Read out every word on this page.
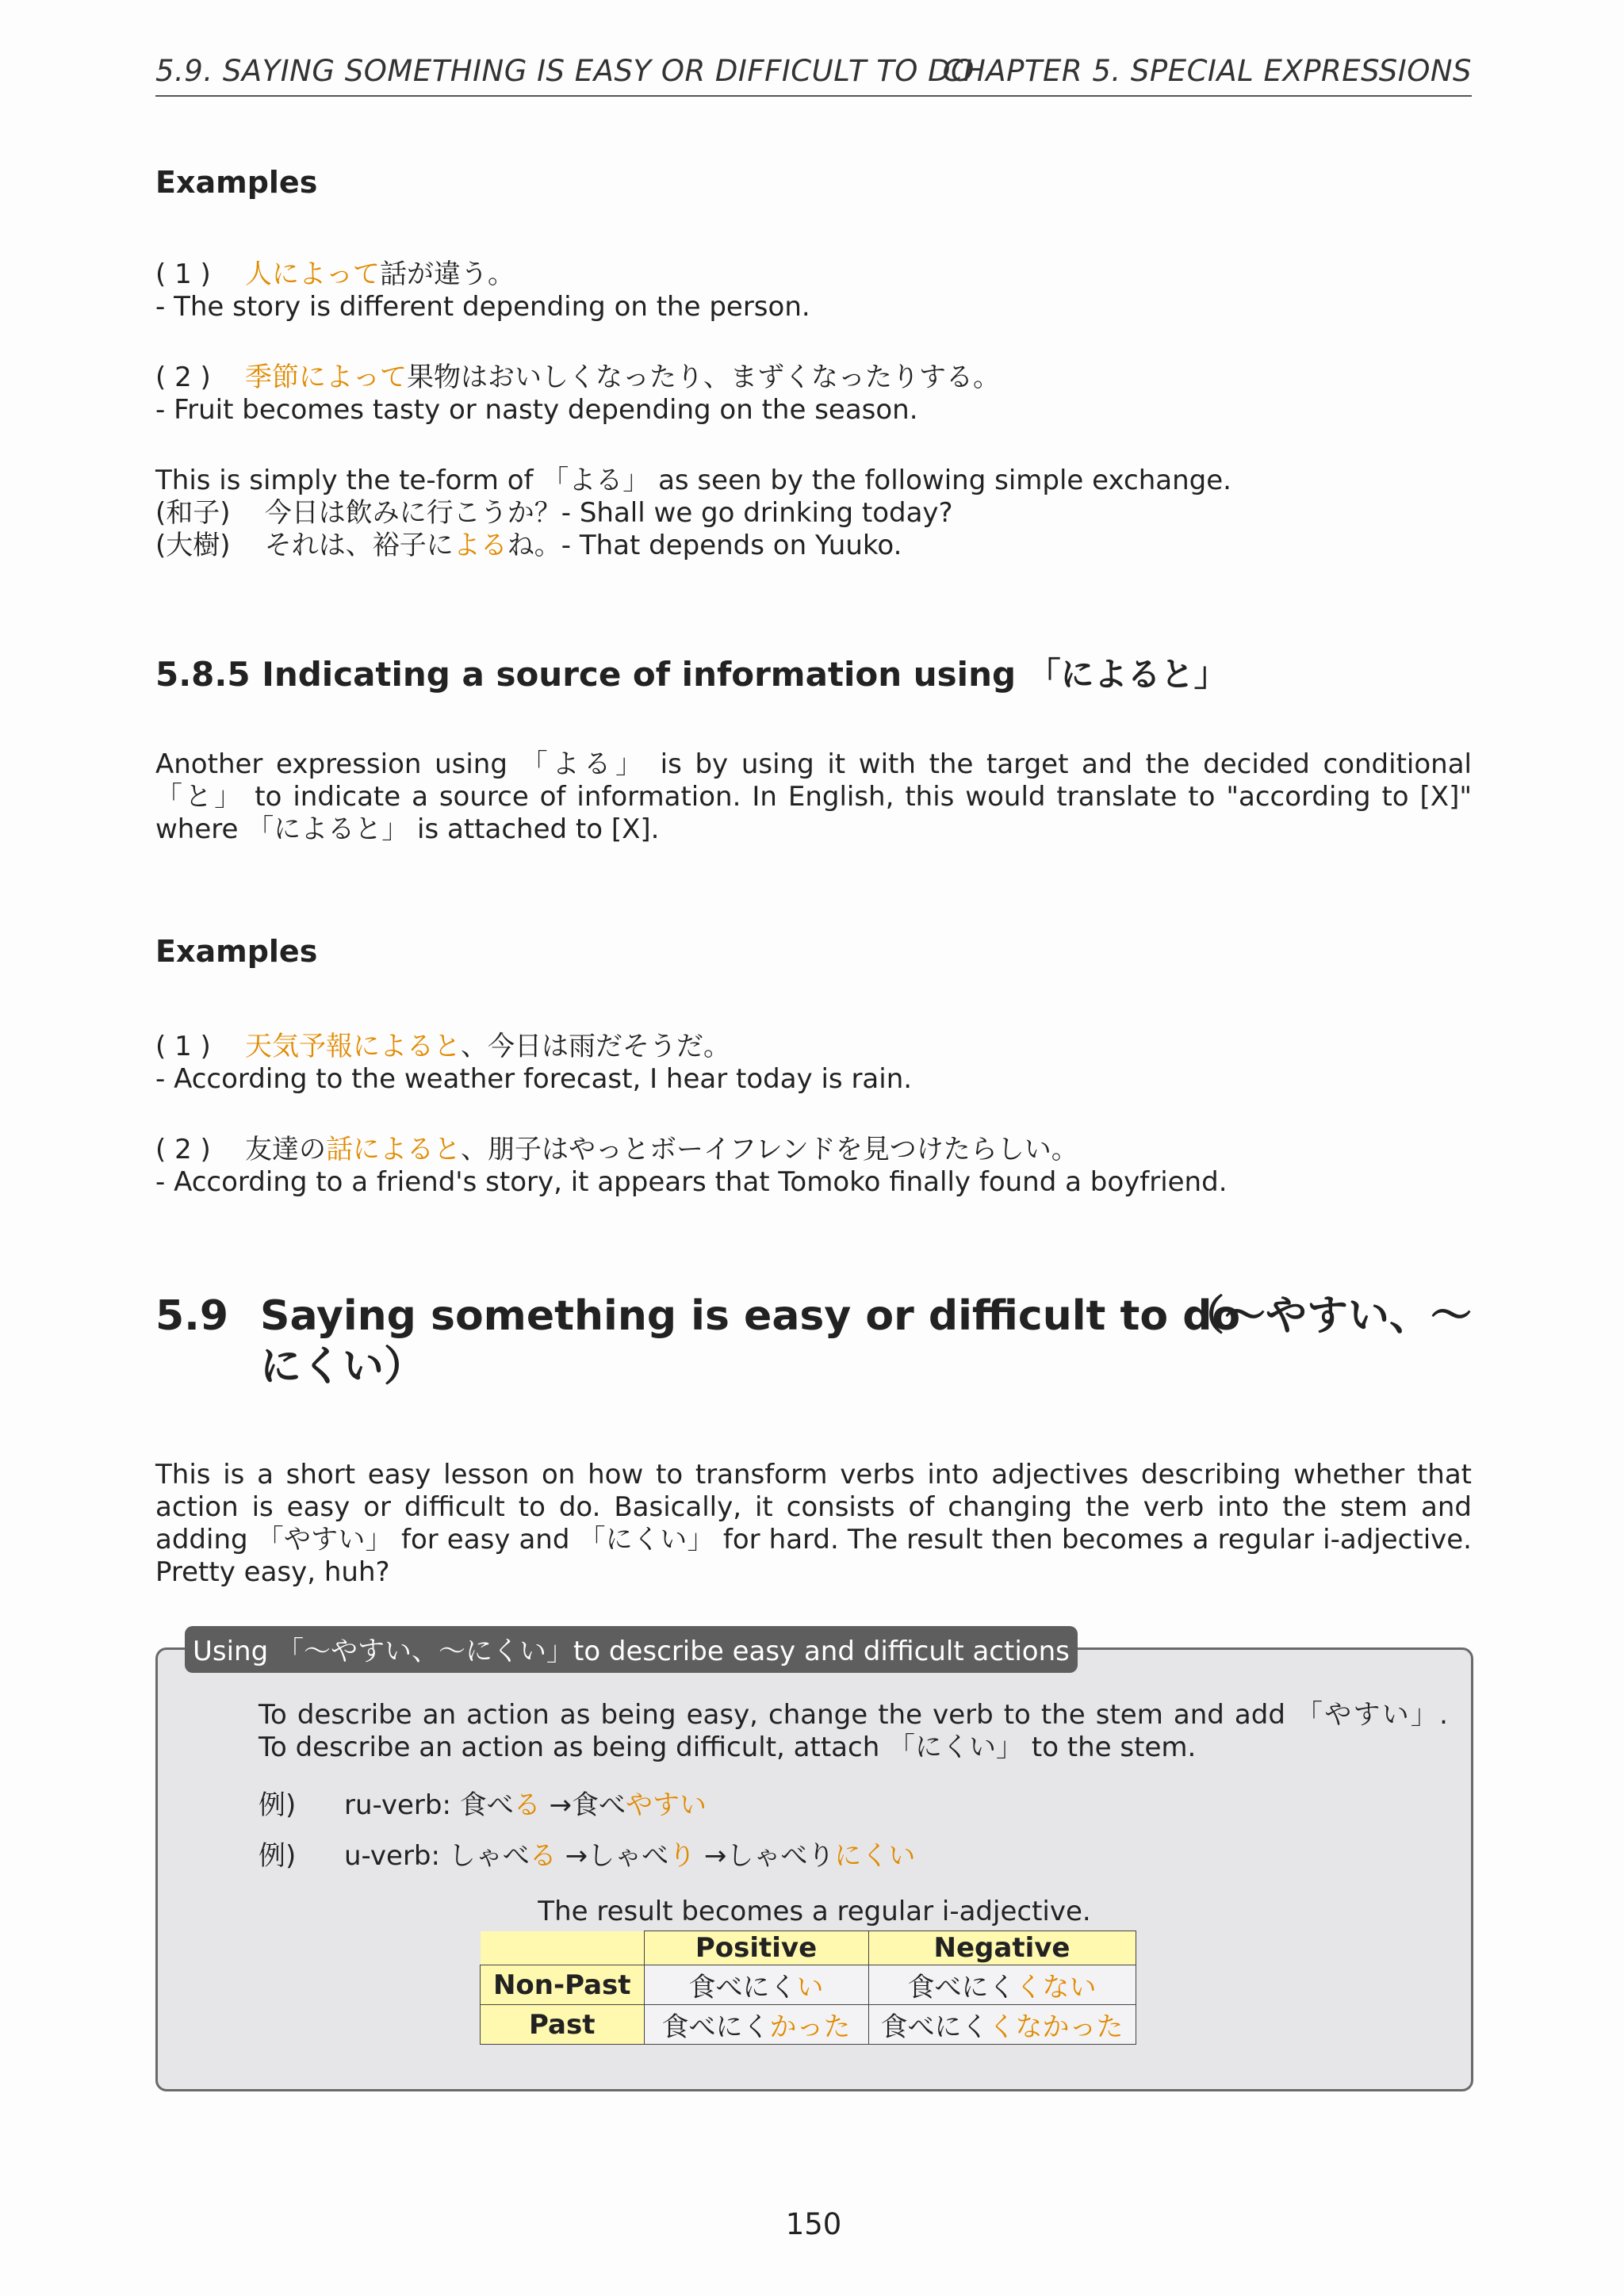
5.9. SAYING SOMETHING IS EASY OR DIFFICULT TO DO
CHAPTER 5. SPECIAL EXPRESSIONS
Examples
( 1 ) 人によって話が違う。
- The story is different depending on the person.
( 2 ) 季節によって果物はおいしくなったり、まずくなったりする。
- Fruit becomes tasty or nasty depending on the season.
This is simply the te-form of 「よる」 as seen by the following simple exchange.
(和子) 今日は飲みに行こうか？- Shall we go drinking today?
(大樹) それは、裕子によるね。- That depends on Yuuko.
5.8.5 Indicating a source of information using 「によると」
Another expression using 「よる」 is by using it with the target and the decided conditional 「と」 to indicate a source of information. In English, this would translate to "according to [X]" where 「によると」 is attached to [X].
Examples
( 1 ) 天気予報によると、今日は雨だそうだ。
- According to the weather forecast, I hear today is rain.
( 2 ) 友達の話によると、朋子はやっとボーイフレンドを見つけたらしい。
- According to a friend's story, it appears that Tomoko finally found a boyfriend.
5.9 Saying something is easy or difficult to do
（～やすい、～
にくい）
This is a short easy lesson on how to transform verbs into adjectives describing whether that action is easy or difficult to do. Basically, it consists of changing the verb into the stem and adding 「やすい」 for easy and 「にくい」 for hard. The result then becomes a regular i-adjective. Pretty easy, huh?
Using 「～やすい、～にくい」to describe easy and difficult actions
To describe an action as being easy, change the verb to the stem and add 「やすい」. To describe an action as being difficult, attach 「にくい」 to the stem.
例) ru-verb: 食べる →食べやすい
例) u-verb: しゃべる →しゃべり →しゃべりにくい
The result becomes a regular i-adjective.
	Positive	Negative
Non-Past	食べにくい	食べにくくない
Past	食べにくかった	食べにくくなかった
150
